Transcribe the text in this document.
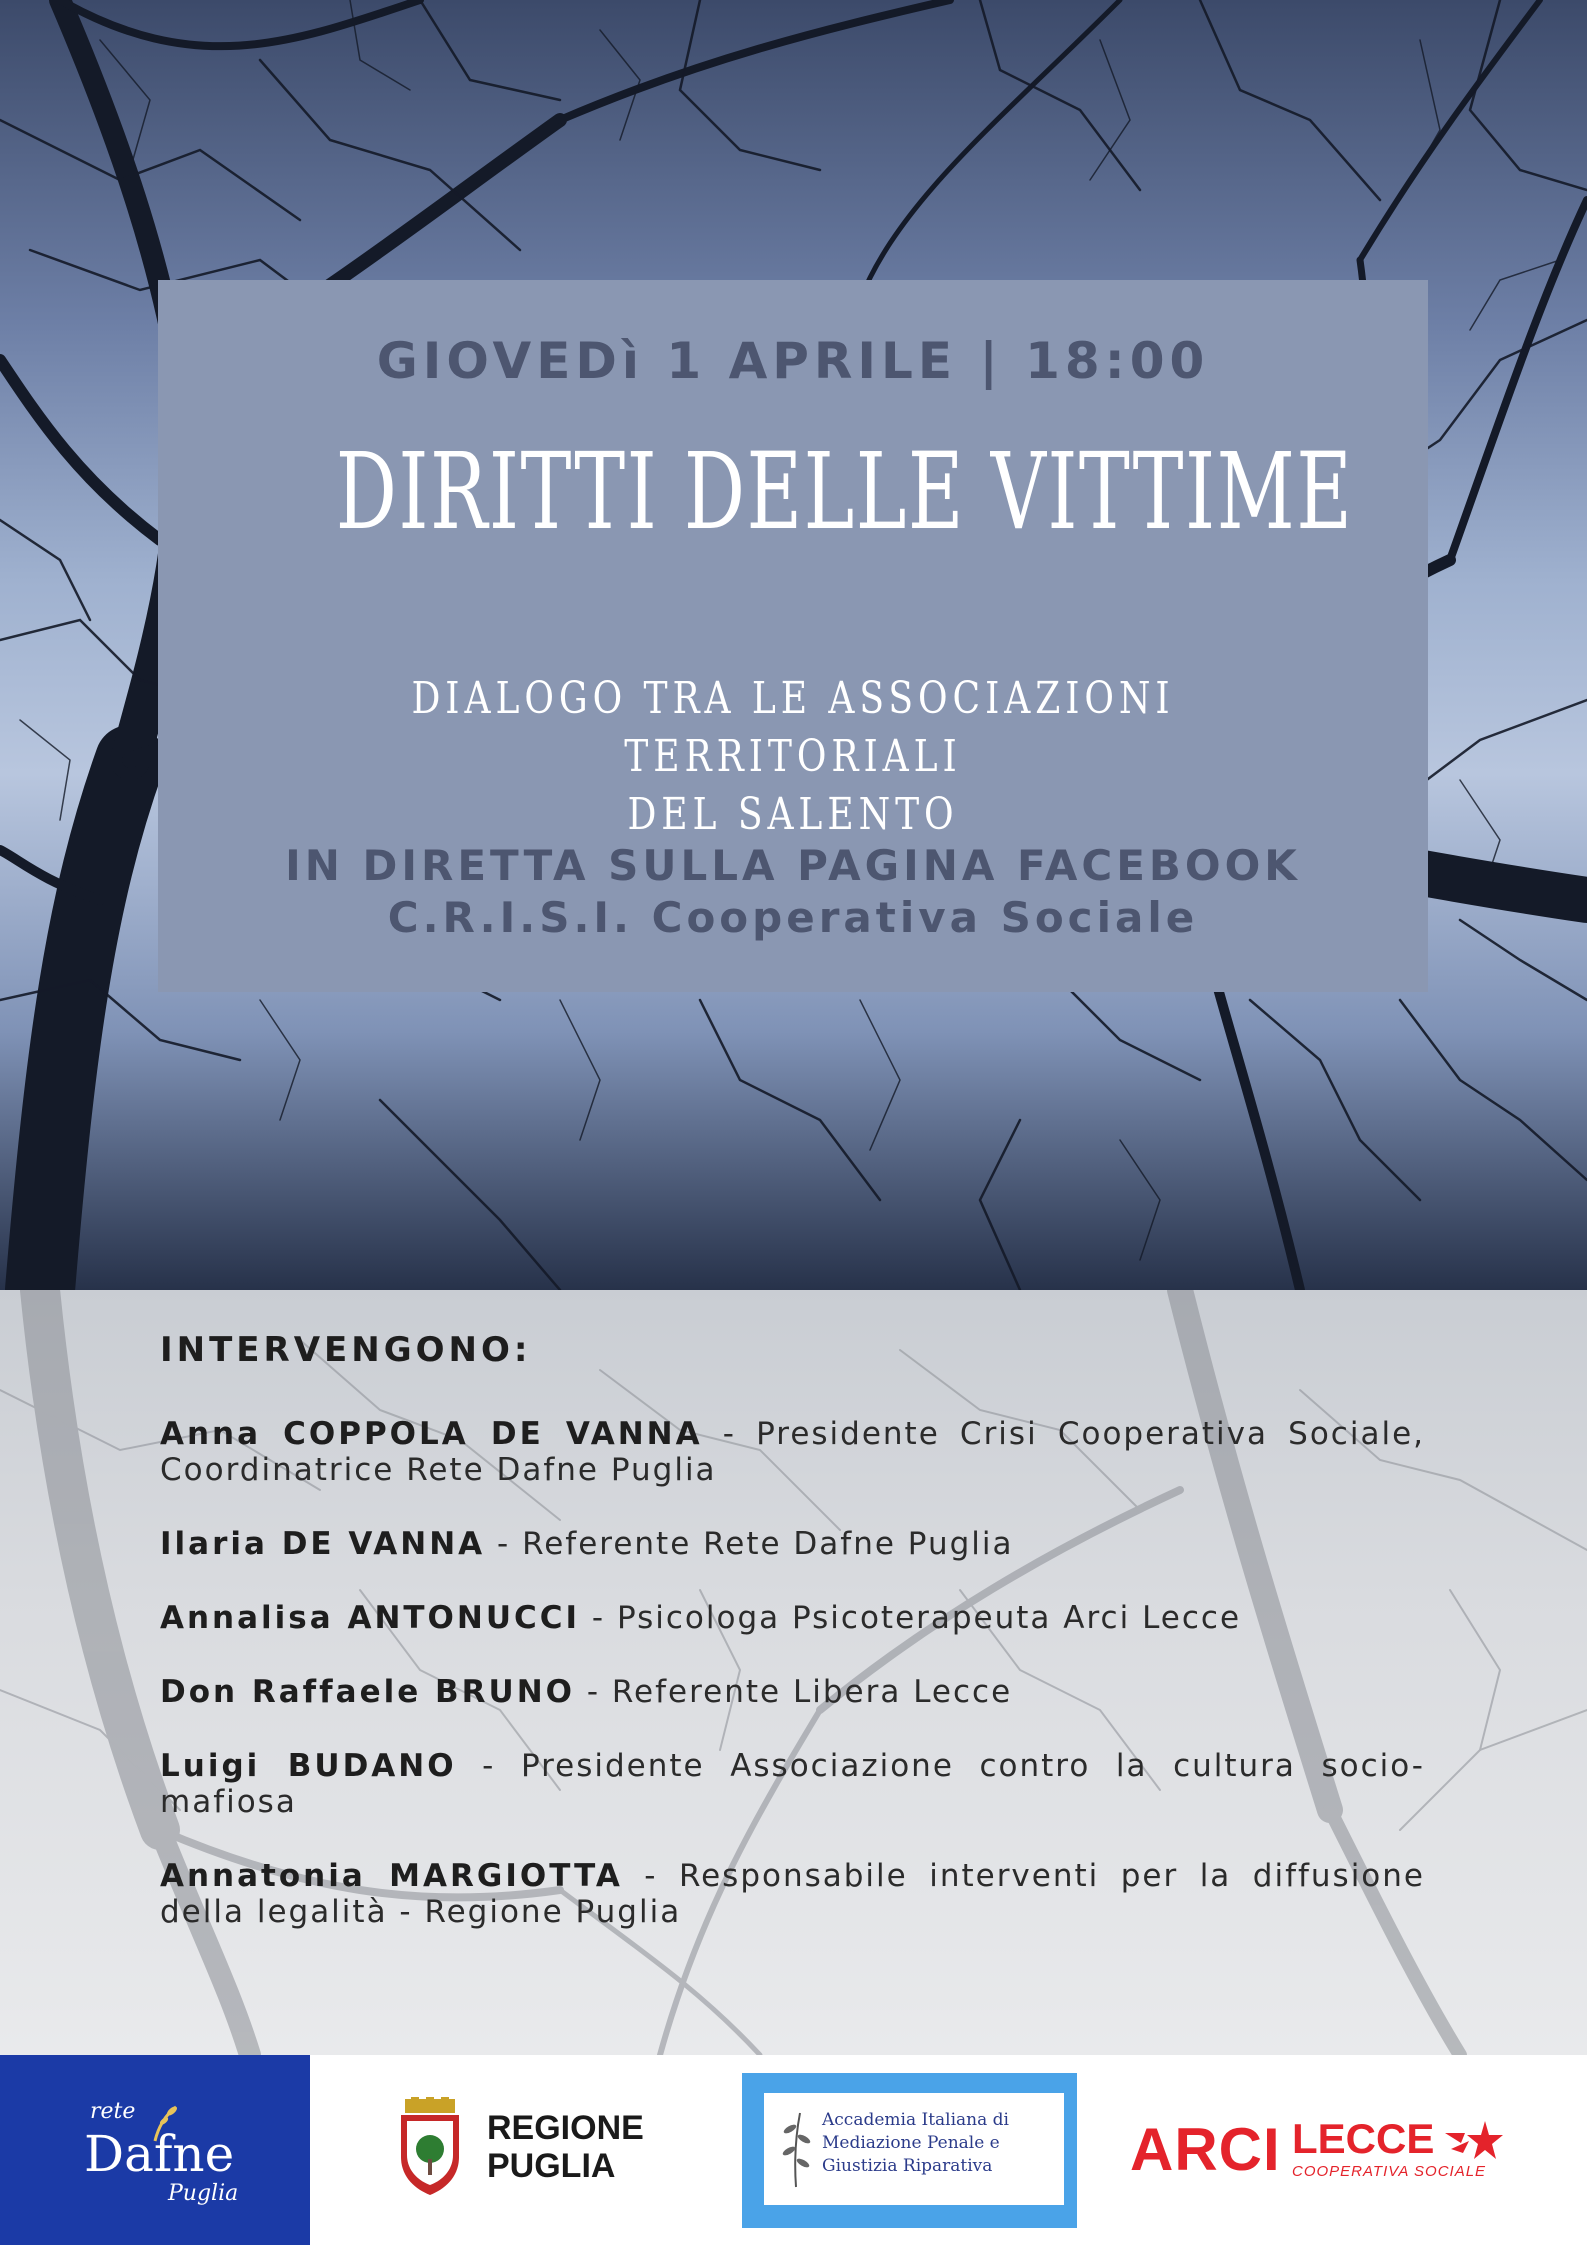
GIOVEDì 1 APRILE | 18:00
DIRITTI DELLE VITTIME
DIALOGO TRA LE ASSOCIAZIONI TERRITORIALI
DEL SALENTO
IN DIRETTA SULLA PAGINA FACEBOOK
C.R.I.S.I. Cooperativa Sociale
INTERVENGONO:
Anna COPPOLA DE VANNA - Presidente Crisi Cooperativa Sociale, Coordinatrice Rete Dafne Puglia
Ilaria DE VANNA - Referente Rete Dafne Puglia
Annalisa ANTONUCCI - Psicologa Psicoterapeuta Arci Lecce
Don Raffaele BRUNO - Referente Libera Lecce
Luigi BUDANO - Presidente Associazione contro la cultura socio-mafiosa
Annatonia MARGIOTTA - Responsabile interventi per la diffusione della legalità - Regione Puglia
rete
Dafne
Puglia
REGIONE
PUGLIA
Accademia Italiana di
Mediazione Penale e
Giustizia Riparativa ARCI LECCE
COOPERATIVA SOCIALE
